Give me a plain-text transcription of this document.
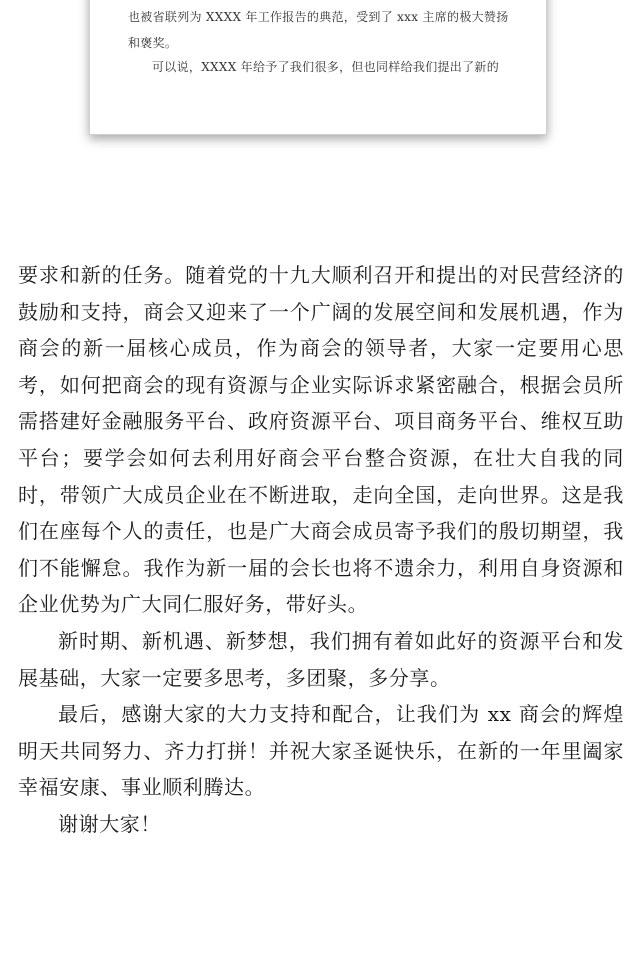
也被省联列为 XXXX 年工作报告的典范，受到了 xxx 主席的极大赞扬
和褒奖。
可以说，XXXX 年给予了我们很多，但也同样给我们提出了新的

要求和新的任务。随着党的十九大顺利召开和提出的对民营经济的鼓励和支持，商会又迎来了一个广阔的发展空间和发展机遇，作为商会的新一届核心成员，作为商会的领导者，大家一定要用心思考，如何把商会的现有资源与企业实际诉求紧密融合，根据会员所需搭建好金融服务平台、政府资源平台、项目商务平台、维权互助平台；要学会如何去利用好商会平台整合资源，在壮大自我的同时，带领广大成员企业在不断进取，走向全国，走向世界。这是我们在座每个人的责任，也是广大商会成员寄予我们的殷切期望，我们不能懈怠。我作为新一届的会长也将不遗余力，利用自身资源和企业优势为广大同仁服好务，带好头。

新时期、新机遇、新梦想，我们拥有着如此好的资源平台和发展基础，大家一定要多思考，多团聚，多分享。

最后，感谢大家的大力支持和配合，让我们为 xx 商会的辉煌明天共同努力、齐力打拼！并祝大家圣诞快乐，在新的一年里阖家幸福安康、事业顺利腾达。

谢谢大家！
